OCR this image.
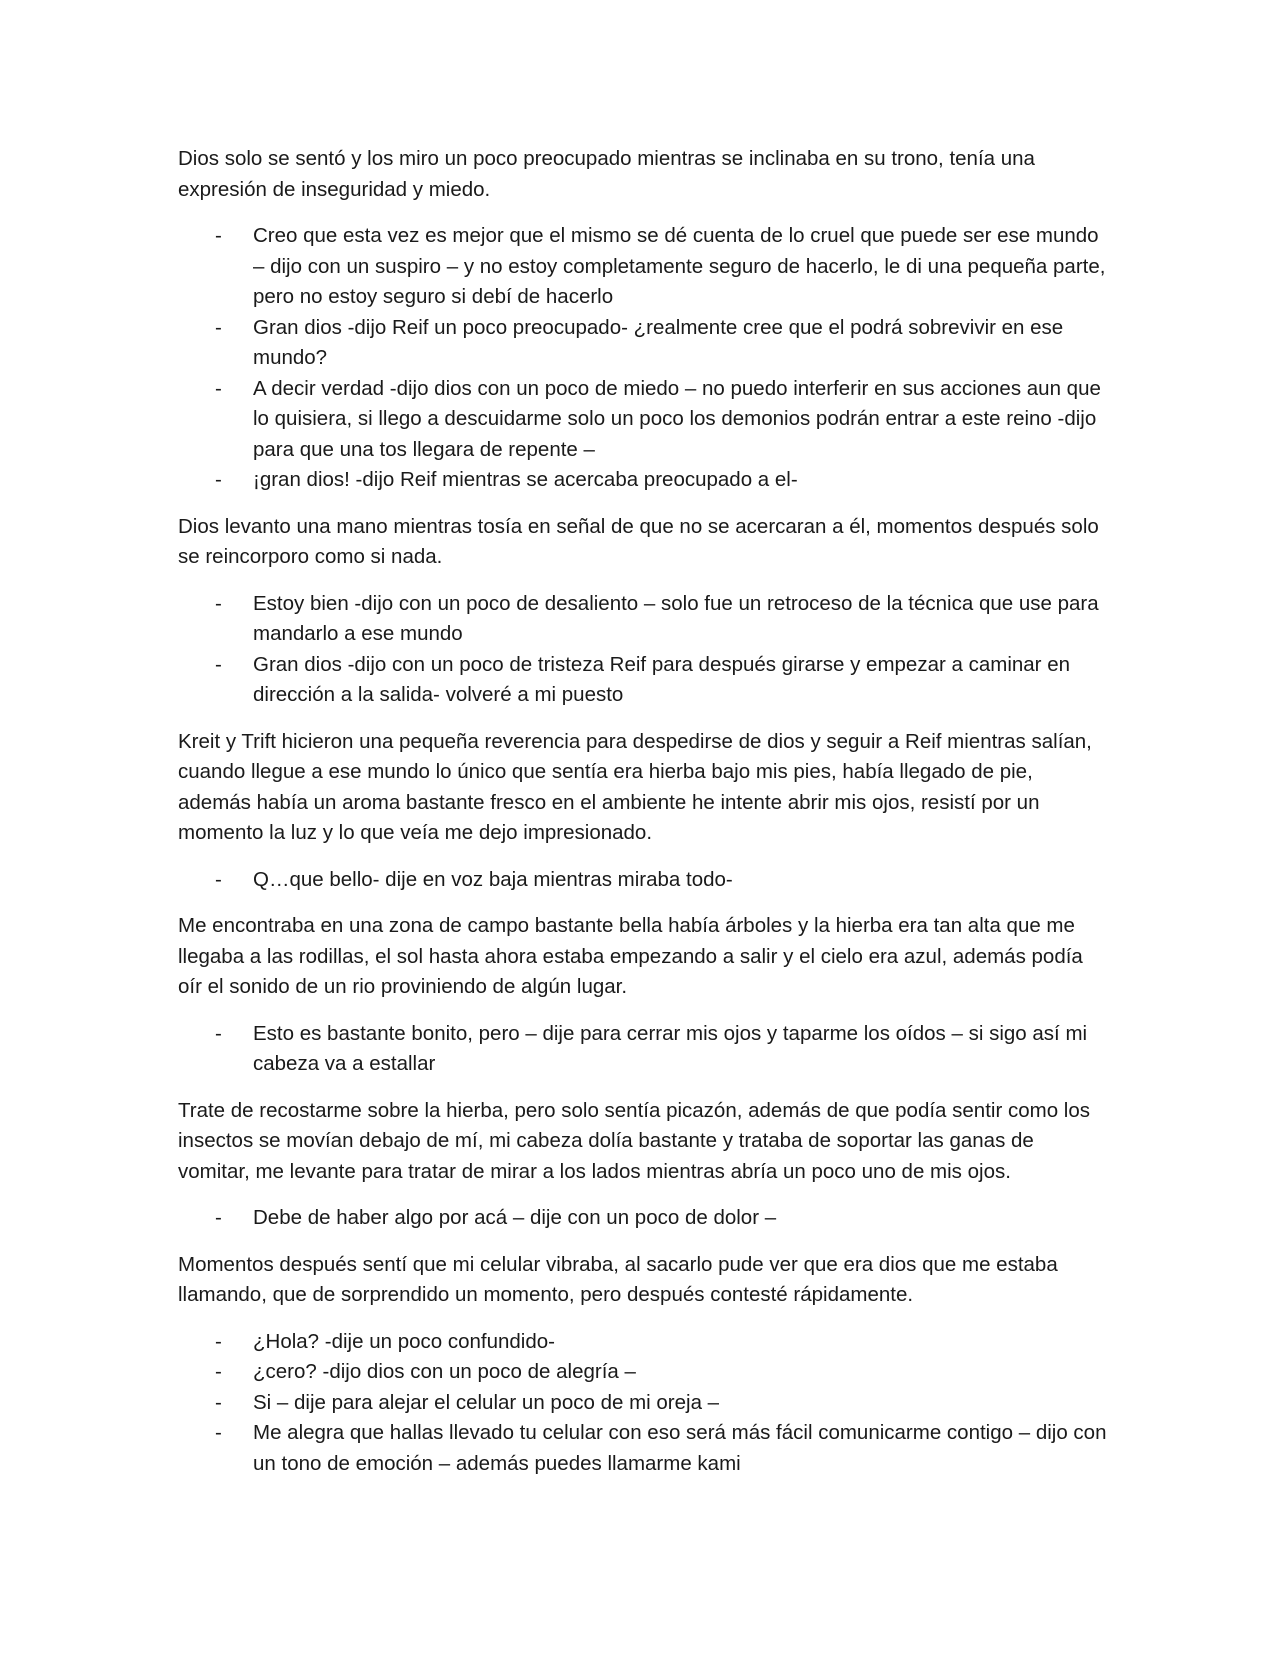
Dios solo se sentó y los miro un poco preocupado mientras se inclinaba en su trono, tenía una expresión de inseguridad y miedo.

- Creo que esta vez es mejor que el mismo se dé cuenta de lo cruel que puede ser ese mundo – dijo con un suspiro – y no estoy completamente seguro de hacerlo, le di una pequeña parte, pero no estoy seguro si debí de hacerlo
- Gran dios -dijo Reif un poco preocupado- ¿realmente cree que el podrá sobrevivir en ese mundo?
- A decir verdad -dijo dios con un poco de miedo – no puedo interferir en sus acciones aun que lo quisiera, si llego a descuidarme solo un poco los demonios podrán entrar a este reino -dijo para que una tos llegara de repente –
- ¡gran dios! -dijo Reif mientras se acercaba preocupado a el-

Dios levanto una mano mientras tosía en señal de que no se acercaran a él, momentos después solo se reincorporo como si nada.

- Estoy bien -dijo con un poco de desaliento – solo fue un retroceso de la técnica que use para mandarlo a ese mundo
- Gran dios -dijo con un poco de tristeza Reif para después girarse y empezar a caminar en dirección a la salida- volveré a mi puesto

Kreit y Trift hicieron una pequeña reverencia para despedirse de dios y seguir a Reif mientras salían, cuando llegue a ese mundo lo único que sentía era hierba bajo mis pies, había llegado de pie, además había un aroma bastante fresco en el ambiente he intente abrir mis ojos, resistí por un momento la luz y lo que veía me dejo impresionado.

- Q…que bello- dije en voz baja mientras miraba todo-

Me encontraba en una zona de campo bastante bella había árboles y la hierba era tan alta que me llegaba a las rodillas, el sol hasta ahora estaba empezando a salir y el cielo era azul, además podía oír el sonido de un rio proviniendo de algún lugar.

- Esto es bastante bonito, pero – dije para cerrar mis ojos y taparme los oídos – si sigo así mi cabeza va a estallar

Trate de recostarme sobre la hierba, pero solo sentía picazón, además de que podía sentir como los insectos se movían debajo de mí, mi cabeza dolía bastante y trataba de soportar las ganas de vomitar, me levante para tratar de mirar a los lados mientras abría un poco uno de mis ojos.

- Debe de haber algo por acá – dije con un poco de dolor –

Momentos después sentí que mi celular vibraba, al sacarlo pude ver que era dios que me estaba llamando, que de sorprendido un momento, pero después contesté rápidamente.

- ¿Hola? -dije un poco confundido-
- ¿cero? -dijo dios con un poco de alegría –
- Si – dije para alejar el celular un poco de mi oreja –
- Me alegra que hallas llevado tu celular con eso será más fácil comunicarme contigo – dijo con un tono de emoción – además puedes llamarme kami
